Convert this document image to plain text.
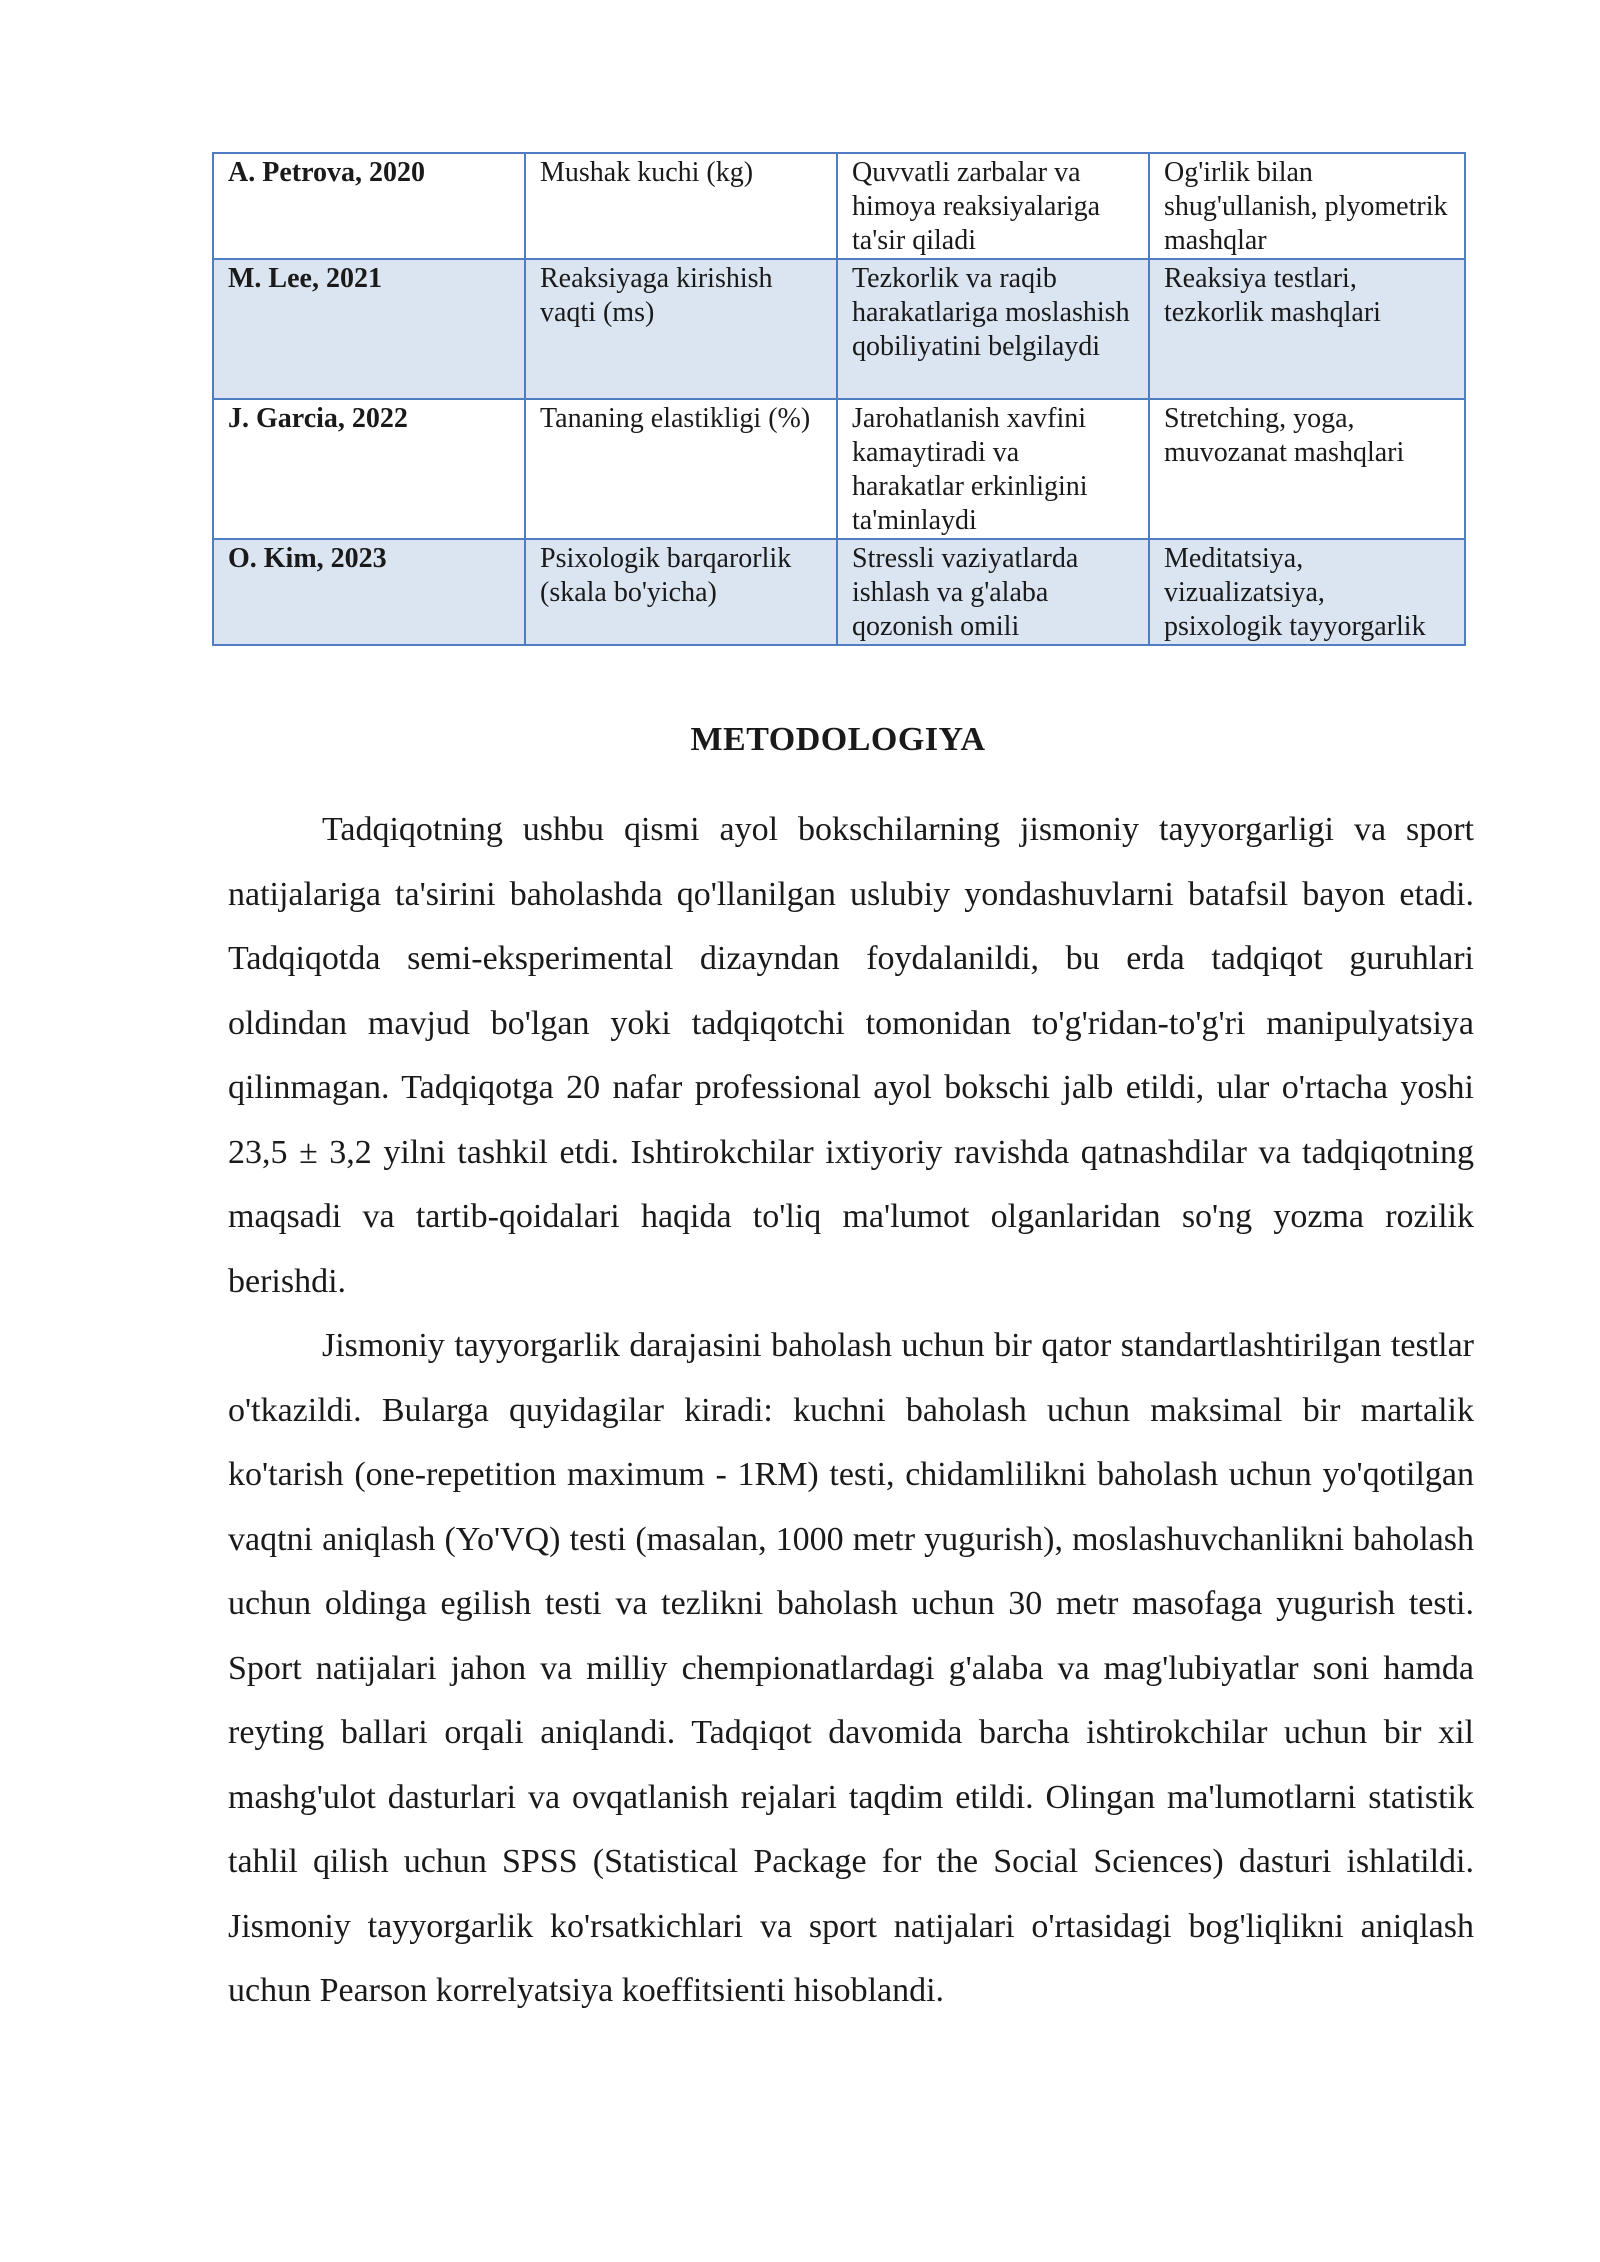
A. Petrova, 2020	Mushak kuchi (kg)	Quvvatli zarbalar va himoya reaksiyalariga ta'sir qiladi	Og'irlik bilan shug'ullanish, plyometrik mashqlar
M. Lee, 2021	Reaksiyaga kirishish vaqti (ms)	Tezkorlik va raqib harakatlariga moslashish qobiliyatini belgilaydi	Reaksiya testlari, tezkorlik mashqlari
J. Garcia, 2022	Tananing elastikligi (%)	Jarohatlanish xavfini kamaytiradi va harakatlar erkinligini ta'minlaydi	Stretching, yoga, muvozanat mashqlari
O. Kim, 2023	Psixologik barqarorlik (skala bo'yicha)	Stressli vaziyatlarda ishlash va g'alaba qozonish omili	Meditatsiya, vizualizatsiya, psixologik tayyorgarlik
METODOLOGIYA

Tadqiqotning ushbu qismi ayol bokschilarning jismoniy tayyorgarligi va sport natijalariga ta'sirini baholashda qo'llanilgan uslubiy yondashuvlarni batafsil bayon etadi. Tadqiqotda semi-eksperimental dizayndan foydalanildi, bu erda tadqiqot guruhlari oldindan mavjud bo'lgan yoki tadqiqotchi tomonidan to'g'ridan-to'g'ri manipulyatsiya qilinmagan. Tadqiqotga 20 nafar professional ayol bokschi jalb etildi, ular o'rtacha yoshi 23,5 ± 3,2 yilni tashkil etdi. Ishtirokchilar ixtiyoriy ravishda qatnashdilar va tadqiqotning maqsadi va tartib-qoidalari haqida to'liq ma'lumot olganlaridan so'ng yozma rozilik berishdi.

Jismoniy tayyorgarlik darajasini baholash uchun bir qator standartlashtirilgan testlar o'tkazildi. Bularga quyidagilar kiradi: kuchni baholash uchun maksimal bir martalik ko'tarish (one-repetition maximum - 1RM) testi, chidamlilikni baholash uchun yo'qotilgan vaqtni aniqlash (Yo'VQ) testi (masalan, 1000 metr yugurish), moslashuvchanlikni baholash uchun oldinga egilish testi va tezlikni baholash uchun 30 metr masofaga yugurish testi. Sport natijalari jahon va milliy chempionatlardagi g'alaba va mag'lubiyatlar soni hamda reyting ballari orqali aniqlandi. Tadqiqot davomida barcha ishtirokchilar uchun bir xil mashg'ulot dasturlari va ovqatlanish rejalari taqdim etildi. Olingan ma'lumotlarni statistik tahlil qilish uchun SPSS (Statistical Package for the Social Sciences) dasturi ishlatildi. Jismoniy tayyorgarlik ko'rsatkichlari va sport natijalari o'rtasidagi bog'liqlikni aniqlash uchun Pearson korrelyatsiya koeffitsienti hisoblandi.
